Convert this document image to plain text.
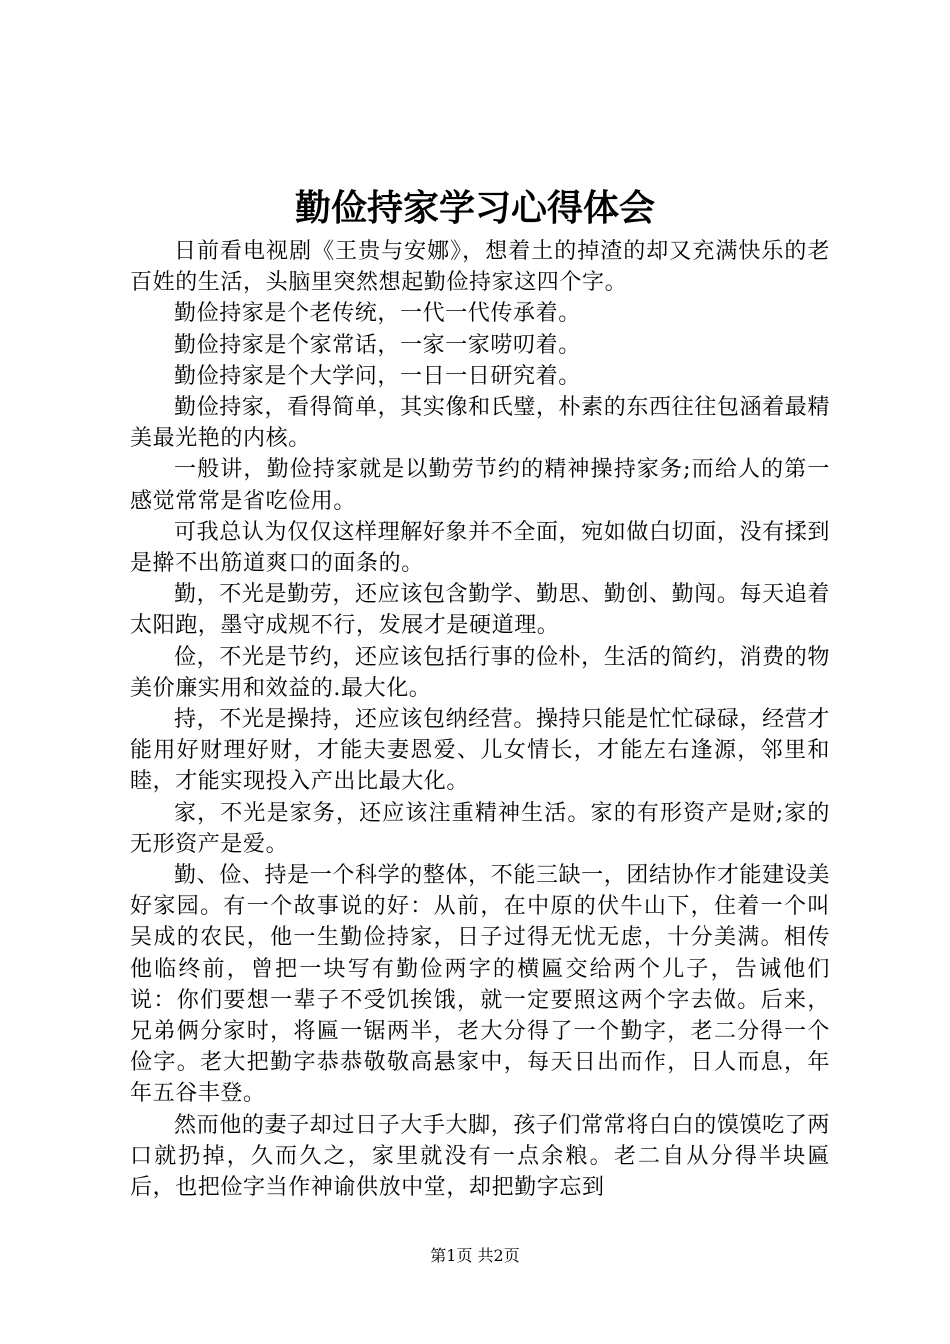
勤俭持家学习心得体会

日前看电视剧《王贵与安娜》，想着土的掉渣的却又充满快乐的老百姓的生活，头脑里突然想起勤俭持家这四个字。

勤俭持家是个老传统，一代一代传承着。

勤俭持家是个家常话，一家一家唠叨着。

勤俭持家是个大学问，一日一日研究着。

勤俭持家，看得简单，其实像和氏璧，朴素的东西往往包涵着最精美最光艳的内核。

一般讲，勤俭持家就是以勤劳节约的精神操持家务;而给人的第一感觉常常是省吃俭用。

可我总认为仅仅这样理解好象并不全面，宛如做白切面，没有揉到是擀不出筋道爽口的面条的。

勤，不光是勤劳，还应该包含勤学、勤思、勤创、勤闯。每天追着太阳跑，墨守成规不行，发展才是硬道理。

俭，不光是节约，还应该包括行事的俭朴，生活的简约，消费的物美价廉实用和效益的.最大化。

持，不光是操持，还应该包纳经营。操持只能是忙忙碌碌，经营才能用好财理好财，才能夫妻恩爱、儿女情长，才能左右逢源，邻里和睦，才能实现投入产出比最大化。

家，不光是家务，还应该注重精神生活。家的有形资产是财;家的无形资产是爱。

勤、俭、持是一个科学的整体，不能三缺一，团结协作才能建设美好家园。有一个故事说的好：从前，在中原的伏牛山下，住着一个叫吴成的农民，他一生勤俭持家，日子过得无忧无虑，十分美满。相传他临终前，曾把一块写有勤俭两字的横匾交给两个儿子，告诫他们说：你们要想一辈子不受饥挨饿，就一定要照这两个字去做。后来，兄弟俩分家时，将匾一锯两半，老大分得了一个勤字，老二分得一个俭字。老大把勤字恭恭敬敬高悬家中，每天日出而作，日人而息，年年五谷丰登。

然而他的妻子却过日子大手大脚，孩子们常常将白白的馍馍吃了两口就扔掉，久而久之，家里就没有一点余粮。老二自从分得半块匾后，也把俭字当作神谕供放中堂，却把勤字忘到

第1页 共2页
